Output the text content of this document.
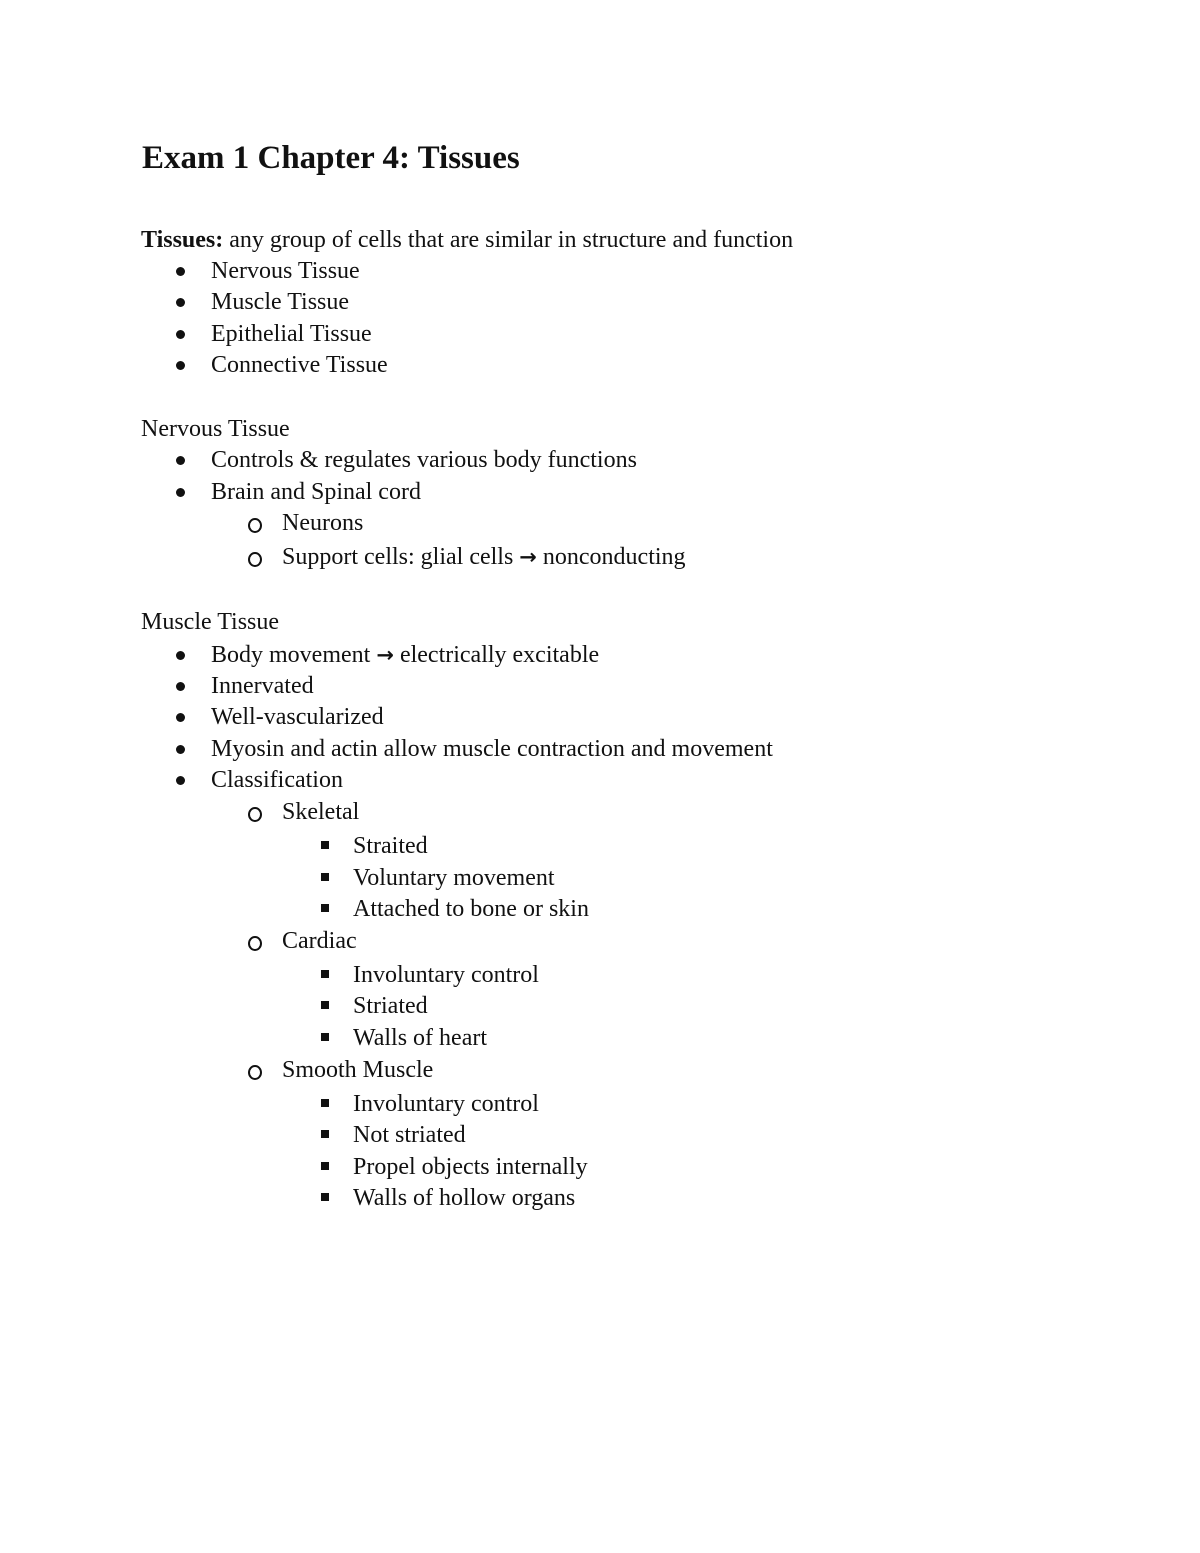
Exam 1 Chapter 4: Tissues
Tissues: any group of cells that are similar in structure and function
Nervous Tissue
Muscle Tissue
Epithelial Tissue
Connective Tissue
Nervous Tissue
Controls & regulates various body functions
Brain and Spinal cord
Neurons
Support cells: glial cells → nonconducting
Muscle Tissue
Body movement → electrically excitable
Innervated
Well-vascularized
Myosin and actin allow muscle contraction and movement
Classification
Skeletal
Straited
Voluntary movement
Attached to bone or skin
Cardiac
Involuntary control
Striated
Walls of heart
Smooth Muscle
Involuntary control
Not striated
Propel objects internally
Walls of hollow organs
